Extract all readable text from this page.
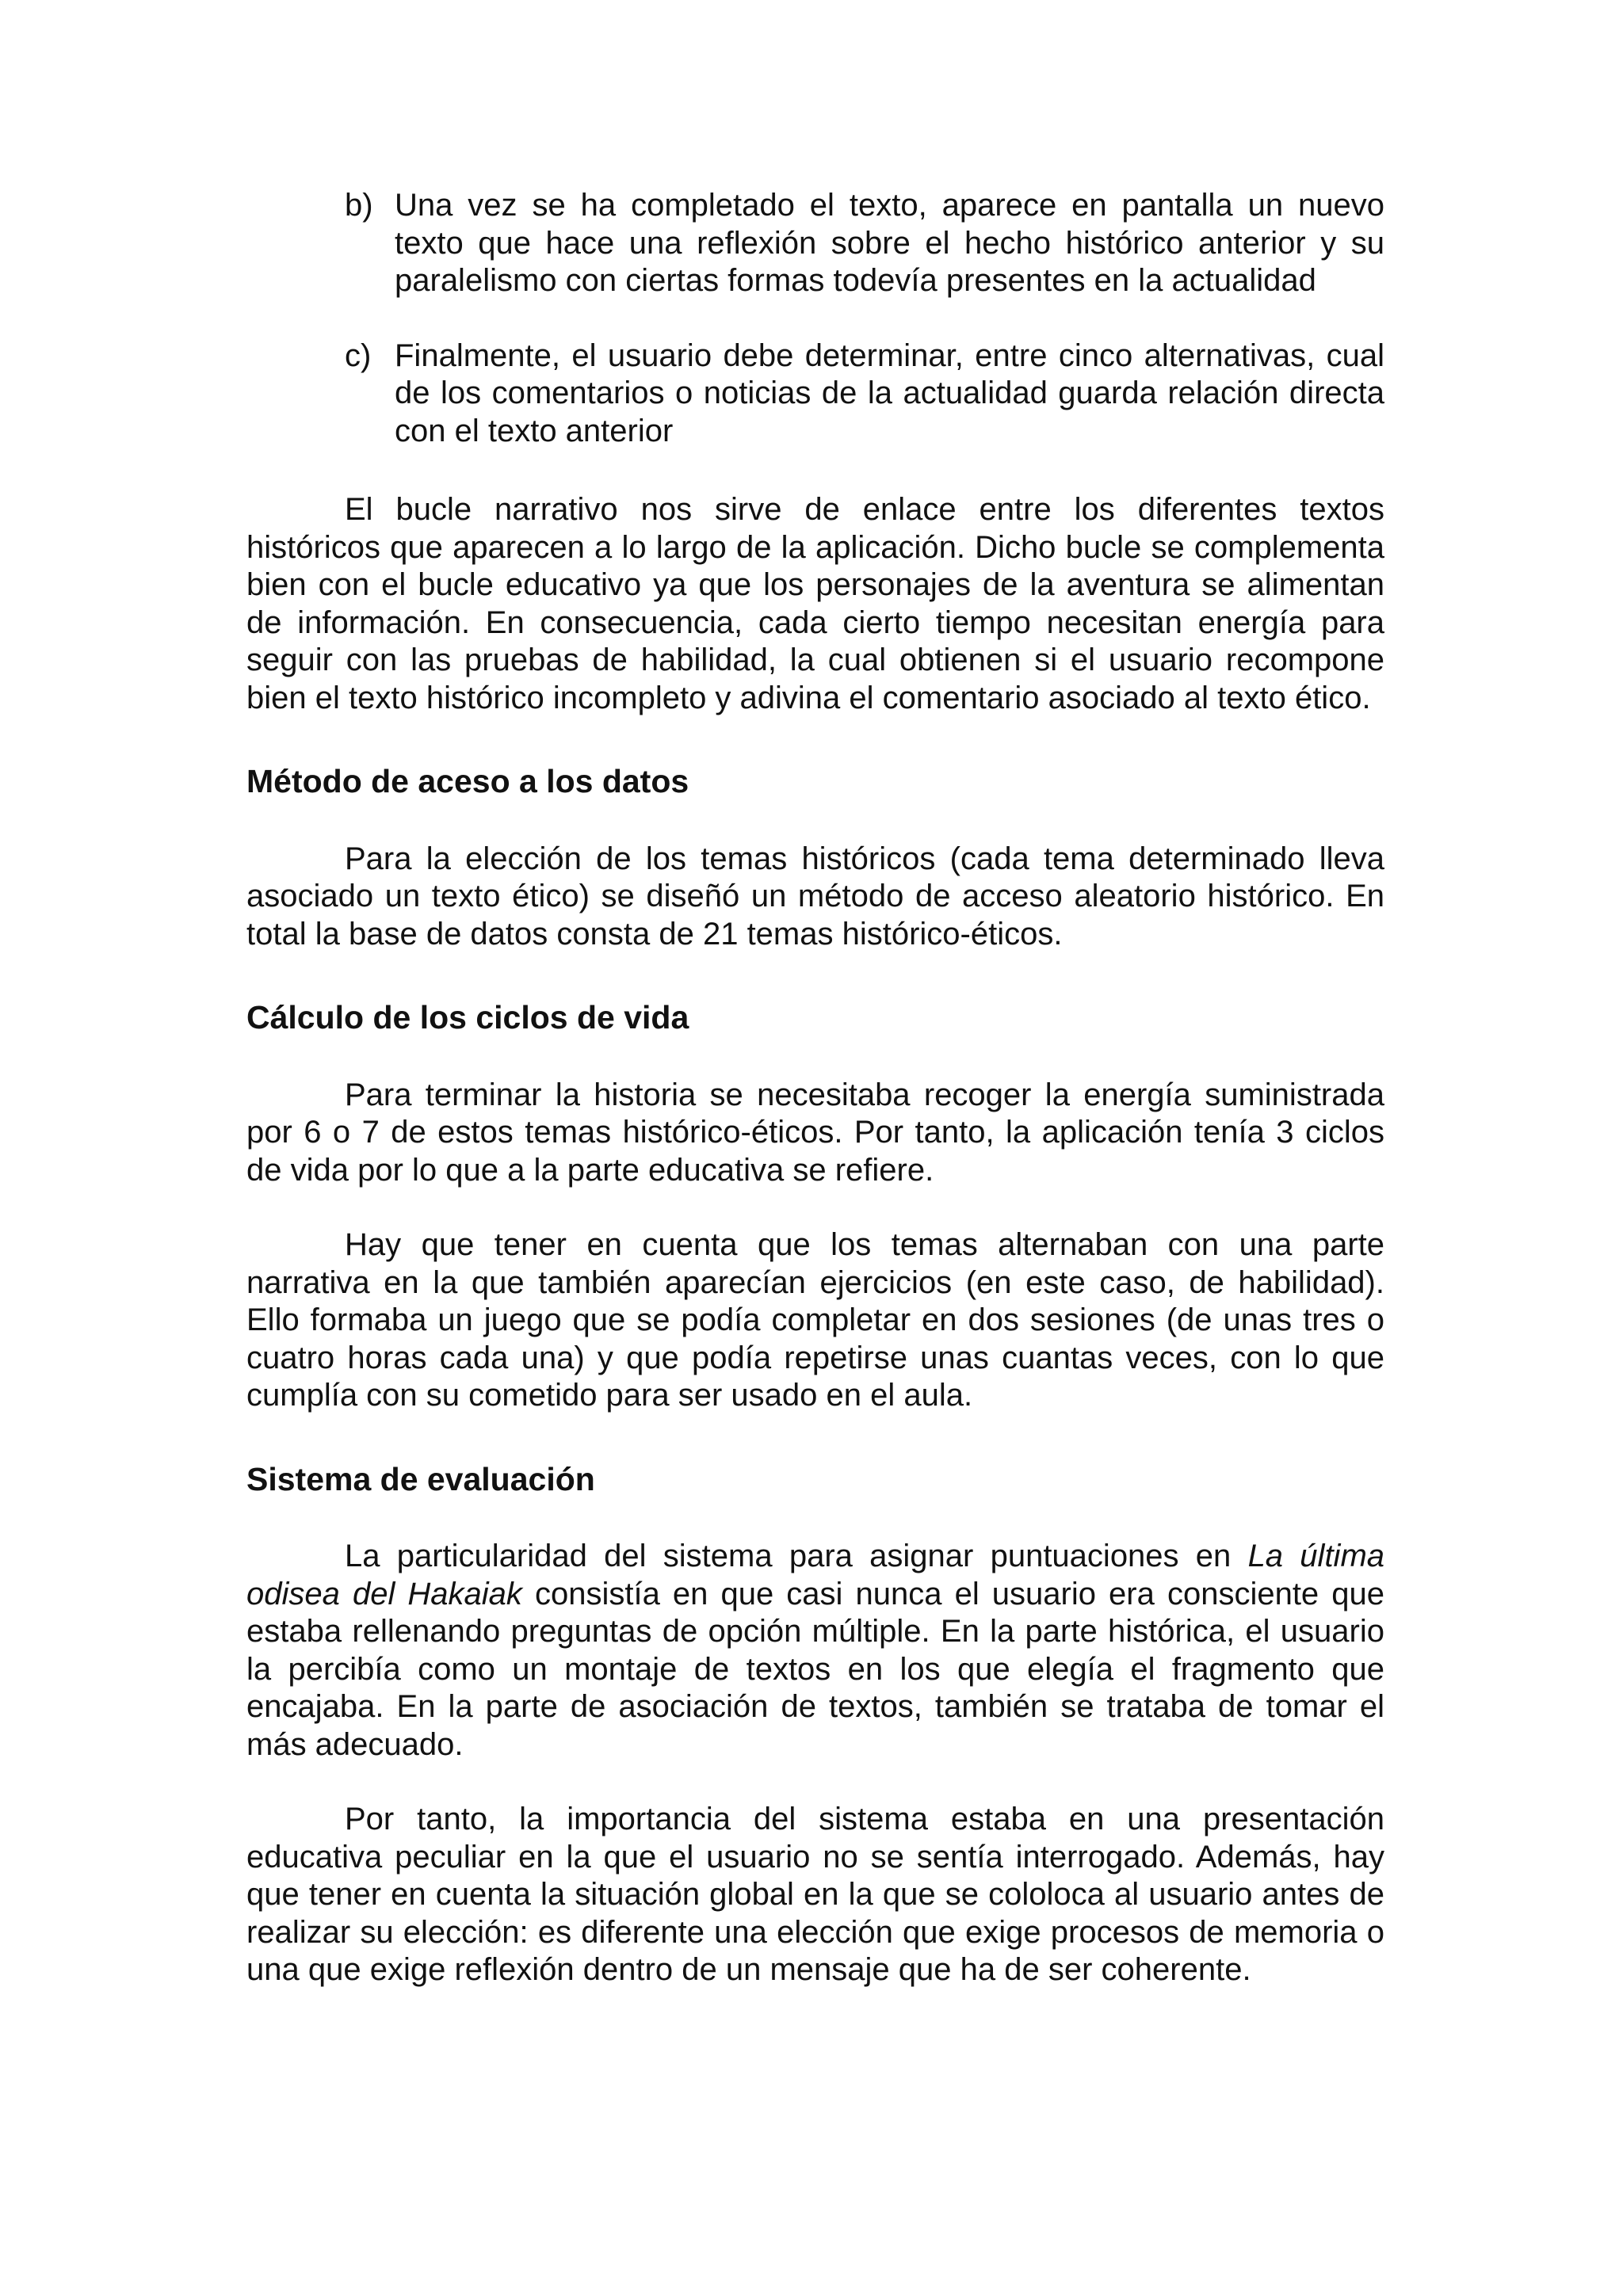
b) Una vez se ha completado el texto, aparece en pantalla un nuevo texto que hace una reflexión sobre el hecho histórico anterior y su paralelismo con ciertas formas todevía presentes en la actualidad
c) Finalmente, el usuario debe determinar, entre cinco alternativas, cual de los comentarios o noticias de la actualidad guarda relación directa con el texto anterior

El bucle narrativo nos sirve de enlace entre los diferentes textos históricos que aparecen a lo largo de la aplicación. Dicho bucle se complementa bien con el bucle educativo ya que los personajes de la aventura se alimentan de información. En consecuencia, cada cierto tiempo necesitan energía para seguir con las pruebas de habilidad, la cual obtienen si el usuario recompone bien el texto histórico incompleto y adivina el comentario asociado al texto ético.

Método de aceso a los datos

Para la elección de los temas históricos (cada tema determinado lleva asociado un texto ético) se diseñó un método de acceso aleatorio histórico. En total la base de datos consta de 21 temas histórico-éticos.

Cálculo de los ciclos de vida

Para terminar la historia se necesitaba recoger la energía suministrada por 6 o 7 de estos temas histórico-éticos. Por tanto, la aplicación tenía 3 ciclos de vida por lo que a la parte educativa se refiere.

Hay que tener en cuenta que los temas alternaban con una parte narrativa en la que también aparecían ejercicios (en este caso, de habilidad). Ello formaba un juego que se podía completar en dos sesiones (de unas tres o cuatro horas cada una) y que podía repetirse unas cuantas veces, con lo que cumplía con su cometido para ser usado en el aula.

Sistema de evaluación

La particularidad del sistema para asignar puntuaciones en La última odisea del Hakaiak consistía en que casi nunca el usuario era consciente que estaba rellenando preguntas de opción múltiple. En la parte histórica, el usuario la percibía como un montaje de textos en los que elegía el fragmento que encajaba. En la parte de asociación de textos, también se trataba de tomar el más adecuado.

Por tanto, la importancia del sistema estaba en una presentación educativa peculiar en la que el usuario no se sentía interrogado. Además, hay que tener en cuenta la situación global en la que se cololoca al usuario antes de realizar su elección: es diferente una elección que exige procesos de memoria o una que exige reflexión dentro de un mensaje que ha de ser coherente.
